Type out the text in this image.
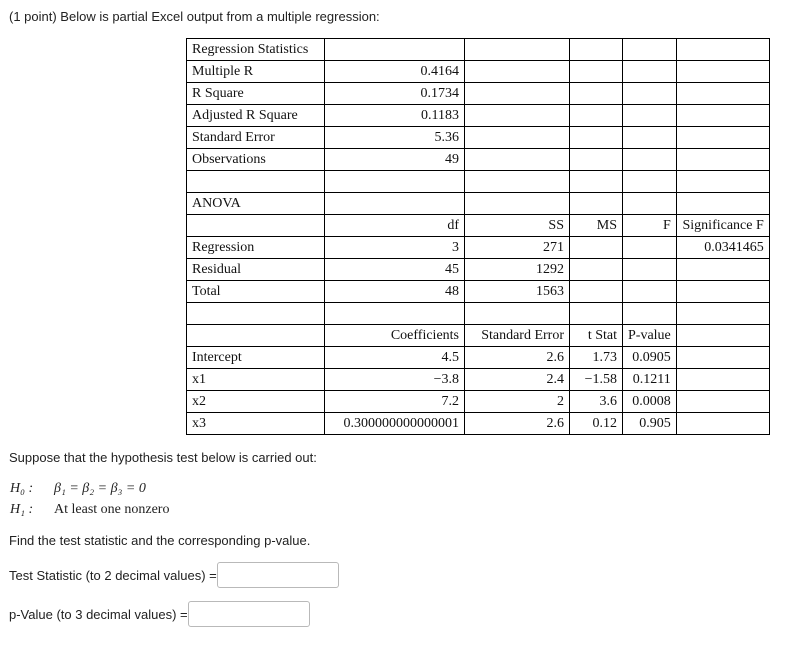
(1 point) Below is partial Excel output from a multiple regression:
Regression Statistics					
Multiple R	0.4164				
R Square	0.1734				
Adjusted R Square	0.1183				
Standard Error	5.36				
Observations	49				

ANOVA					
	df	SS	MS	F	Significance F
Regression	3	271			0.0341465
Residual	45	1292			
Total	48	1563			

	Coefficients	Standard Error	t Stat	P-value	
Intercept	4.5	2.6	1.73	0.0905	
x1	−3.8	2.4	−1.58	0.1211	
x2	7.2	2	3.6	0.0008	
x3	0.300000000000001	2.6	0.12	0.905	
Suppose that the hypothesis test below is carried out:
H₀ : β₁ = β₂ = β₃ = 0
H₁ : At least one nonzero
Find the test statistic and the corresponding p-value.
Test Statistic (to 2 decimal values) =
p-Value (to 3 decimal values) =
